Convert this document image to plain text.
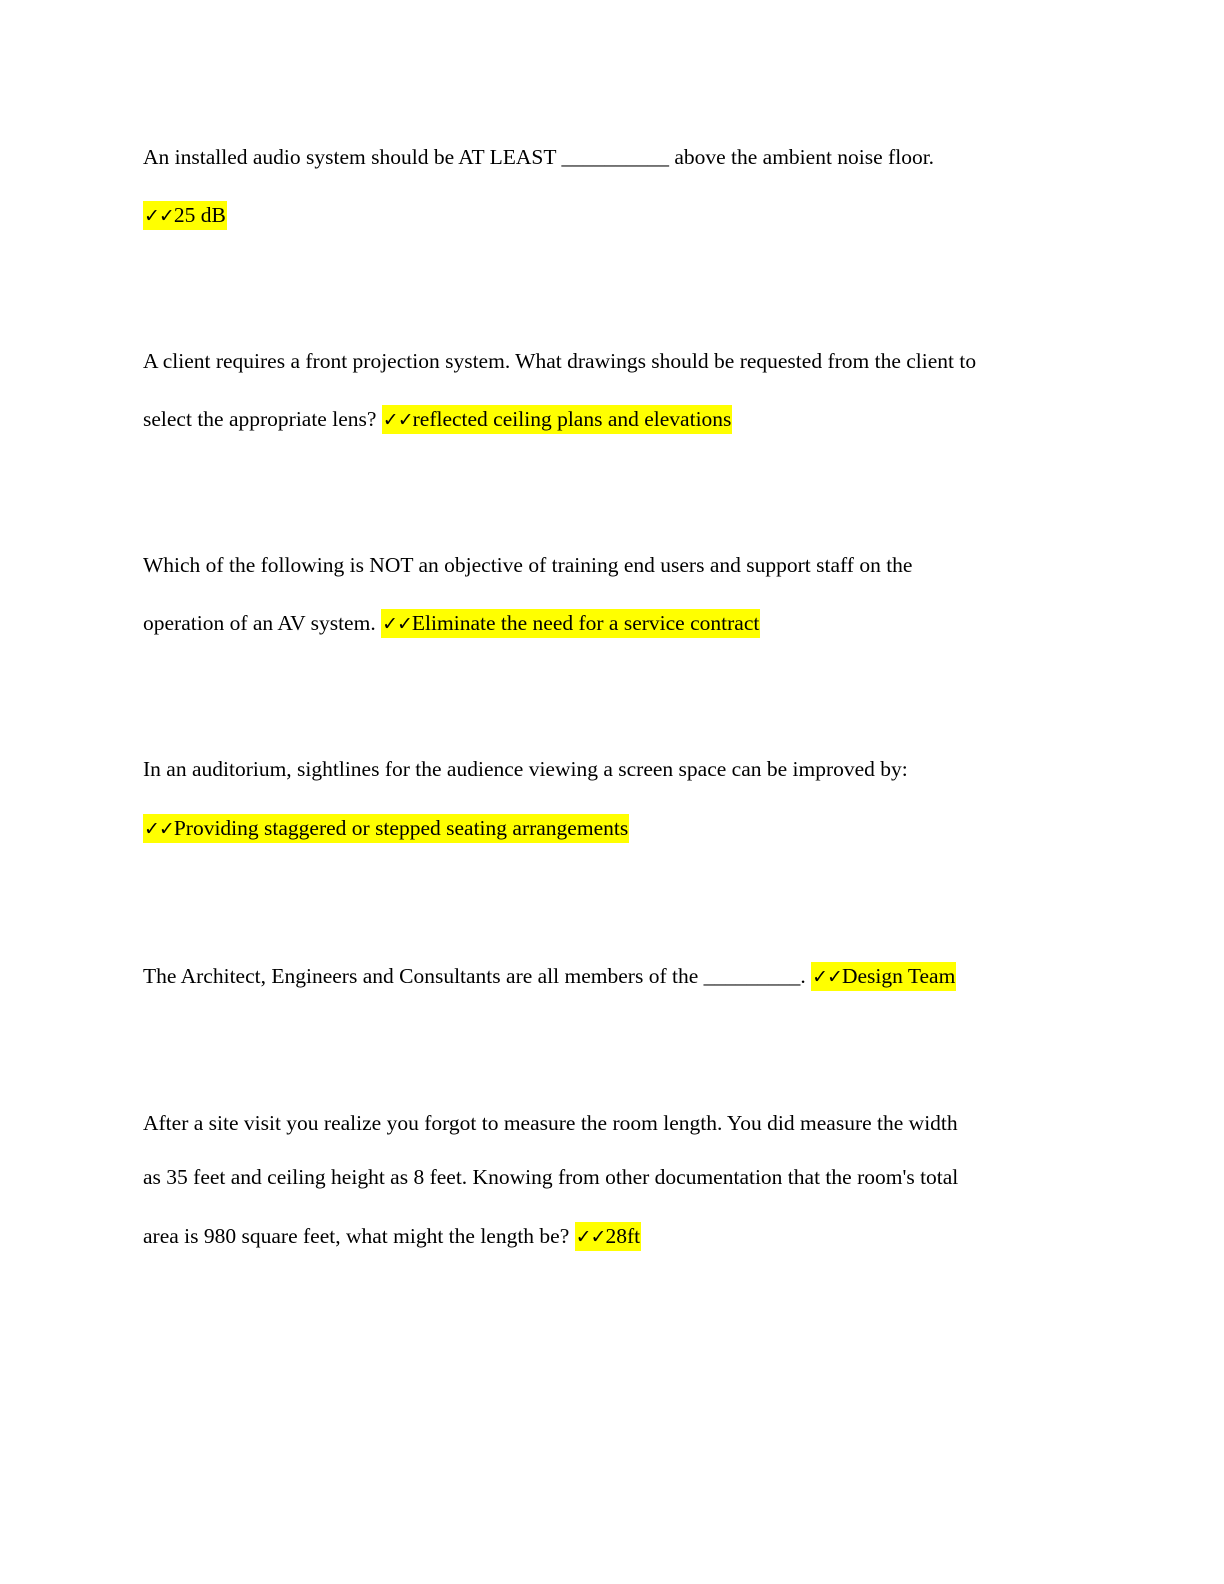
An installed audio system should be AT LEAST __________ above the ambient noise floor.
✓✓25 dB
A client requires a front projection system. What drawings should be requested from the client to
select the appropriate lens? ✓✓reflected ceiling plans and elevations
Which of the following is NOT an objective of training end users and support staff on the
operation of an AV system. ✓✓Eliminate the need for a service contract
In an auditorium, sightlines for the audience viewing a screen space can be improved by:
✓✓Providing staggered or stepped seating arrangements
The Architect, Engineers and Consultants are all members of the _________. ✓✓Design Team
After a site visit you realize you forgot to measure the room length. You did measure the width
as 35 feet and ceiling height as 8 feet. Knowing from other documentation that the room's total
area is 980 square feet, what might the length be? ✓✓28ft
